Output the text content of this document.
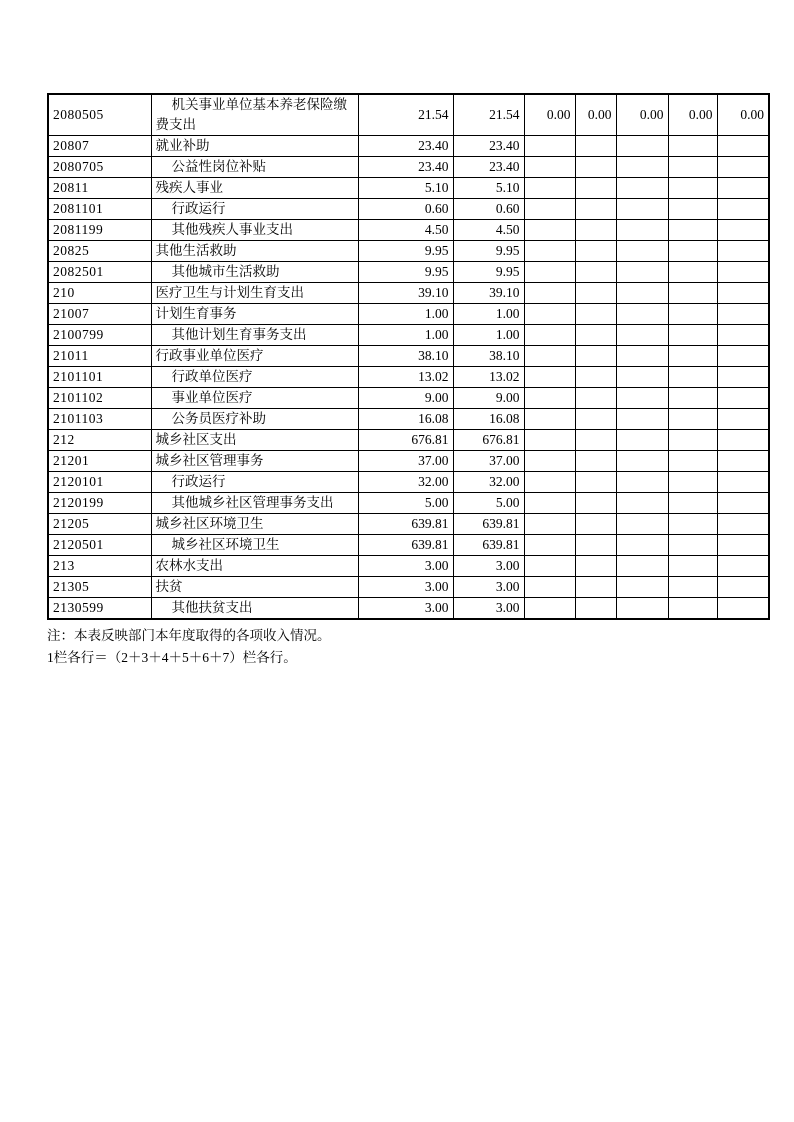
2080505	机关事业单位基本养老保险缴费支出	21.54	21.54	0.00	0.00	0.00	0.00	0.00
20807	就业补助	23.40	23.40					
2080705	公益性岗位补贴	23.40	23.40					
20811	残疾人事业	5.10	5.10					
2081101	行政运行	0.60	0.60					
2081199	其他残疾人事业支出	4.50	4.50					
20825	其他生活救助	9.95	9.95					
2082501	其他城市生活救助	9.95	9.95					
210	医疗卫生与计划生育支出	39.10	39.10					
21007	计划生育事务	1.00	1.00					
2100799	其他计划生育事务支出	1.00	1.00					
21011	行政事业单位医疗	38.10	38.10					
2101101	行政单位医疗	13.02	13.02					
2101102	事业单位医疗	9.00	9.00					
2101103	公务员医疗补助	16.08	16.08					
212	城乡社区支出	676.81	676.81					
21201	城乡社区管理事务	37.00	37.00					
2120101	行政运行	32.00	32.00					
2120199	其他城乡社区管理事务支出	5.00	5.00					
21205	城乡社区环境卫生	639.81	639.81					
2120501	城乡社区环境卫生	639.81	639.81					
213	农林水支出	3.00	3.00					
21305	扶贫	3.00	3.00					
2130599	其他扶贫支出	3.00	3.00					

注：本表反映部门本年度取得的各项收入情况。

1栏各行＝（2＋3＋4＋5＋6＋7）栏各行。
